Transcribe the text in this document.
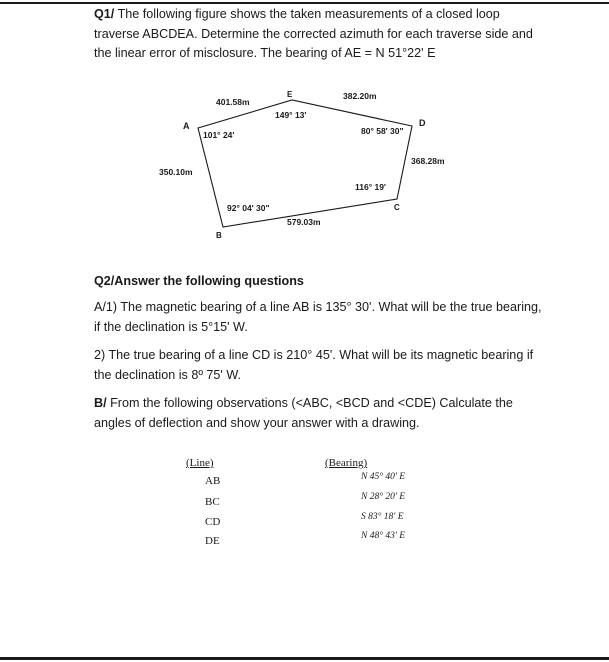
Q1/ The following figure shows the taken measurements of a closed loop traverse ABCDEA. Determine the corrected azimuth for each traverse side and the linear error of misclosure. The bearing of AE = N 51°22' E

A
B
C
D
E
401.58m
382.20m
368.28m
579.03m
350.10m
101° 24'
149° 13'
80° 58' 30"
116° 19'
92° 04' 30"

Q2/Answer the following questions

A/1) The magnetic bearing of a line AB is 135° 30'. What will be the true bearing, if the declination is 5°15' W.

2) The true bearing of a line CD is 210° 45'. What will be its magnetic bearing if the declination is 8º 75' W.

B/ From the following observations (<ABC, <BCD and <CDE) Calculate the angles of deflection and show your answer with a drawing.

(Line)	(Bearing)
AB	N 45° 40' E
BC	N 28° 20' E
CD	S 83° 18' E
DE	N 48° 43' E
